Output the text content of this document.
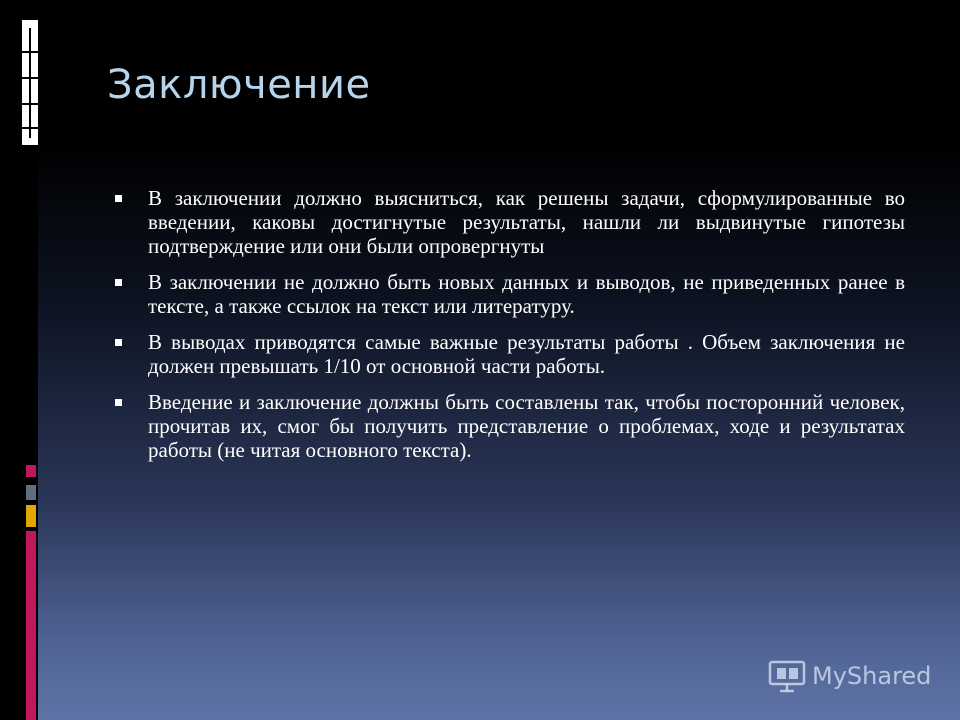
Заключение
В заключении должно выясниться, как решены задачи, сформулированные во введении, каковы достигнутые результаты, нашли ли выдвинутые гипотезы подтверждение или они были опровергнуты
В заключении не должно быть новых данных и выводов, не приведенных ранее в тексте, а также ссылок на текст или литературу.
В выводах приводятся самые важные результаты работы . Объем заключения не должен превышать 1/10 от основной части работы.
Введение и заключение должны быть составлены так, чтобы посторонний человек, прочитав их, смог бы получить представление о проблемах, ходе и результатах работы (не читая основного текста).
MyShared
